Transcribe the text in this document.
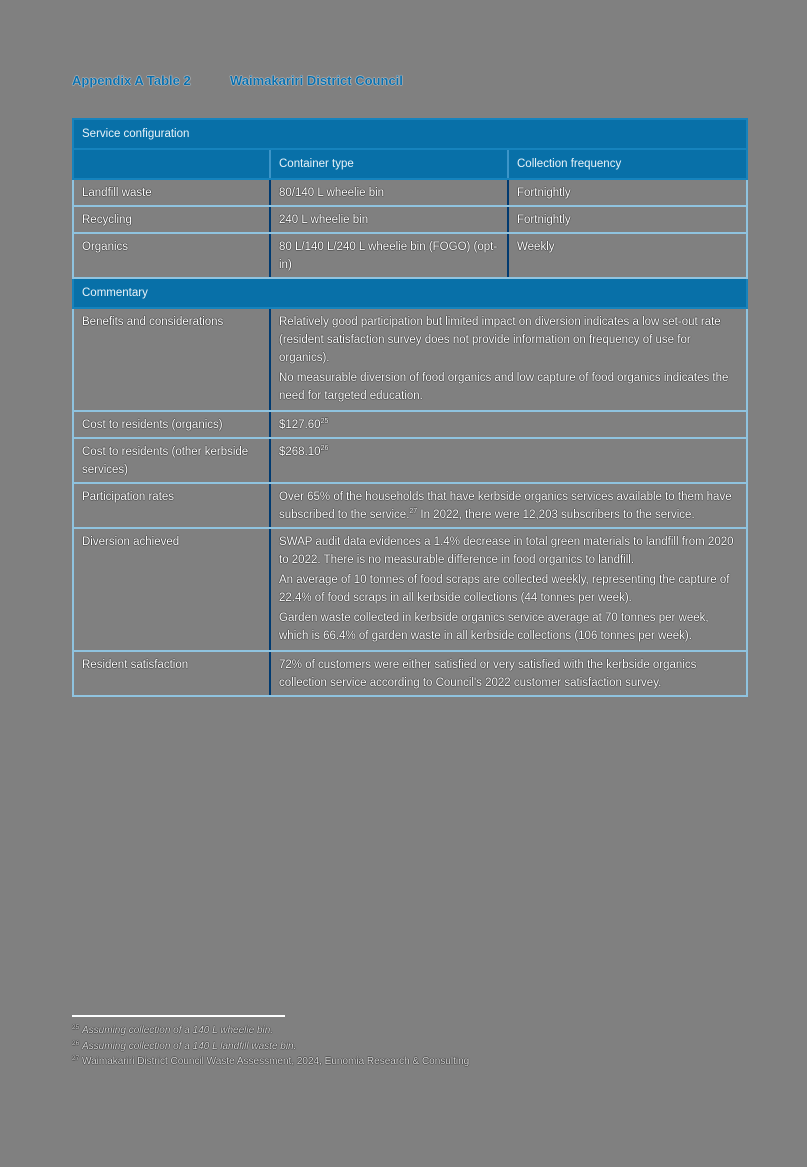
Appendix A Table 2	Waimakariri District Council
Service configuration		
	Container type	Collection frequency
Landfill waste	80/140 L wheelie bin	Fortnightly
Recycling	240 L wheelie bin	Fortnightly
Organics	80 L/140 L/240 L wheelie bin (FOGO) (opt-in)	Weekly
Commentary		
Benefits and considerations	Relatively good participation but limited impact on diversion indicates a low set-out rate (resident satisfaction survey does not provide information on frequency of use for organics).

No measurable diversion of food organics and low capture of food organics indicates the need for targeted education.	

Cost to residents (organics)	$127.60$^{25}$
Cost to residents (other kerbside services)	$268.10$^{26}$
Participation rates	Over 65% of the households that have kerbside organics services available to them have subscribed to the service.$^{27}$ In 2022, there were 12,203 subscribers to the service.	
Diversion achieved	SWAP audit data evidences a 1.4% decrease in total green materials to landfill from 2020 to 2022. There is no measurable difference in food organics to landfill.

An average of 10 tonnes of food scraps are collected weekly, representing the capture of 22.4% of food scraps in all kerbside collections (44 tonnes per week).

Garden waste collected in kerbside organics service average at 70 tonnes per week, which is 66.4% of garden waste in all kerbside collections (106 tonnes per week).	

Resident satisfaction	72% of customers were either satisfied or very satisfied with the kerbside organics collection service according to Council's 2022 customer satisfaction survey.	
$^{25}$ Assuming collection of a 140 L wheelie bin.
$^{26}$ Assuming collection of a 140 L landfill waste bin.
$^{27}$ Waimakariri District Council Waste Assessment, 2024, Eunomia Research & Consulting
